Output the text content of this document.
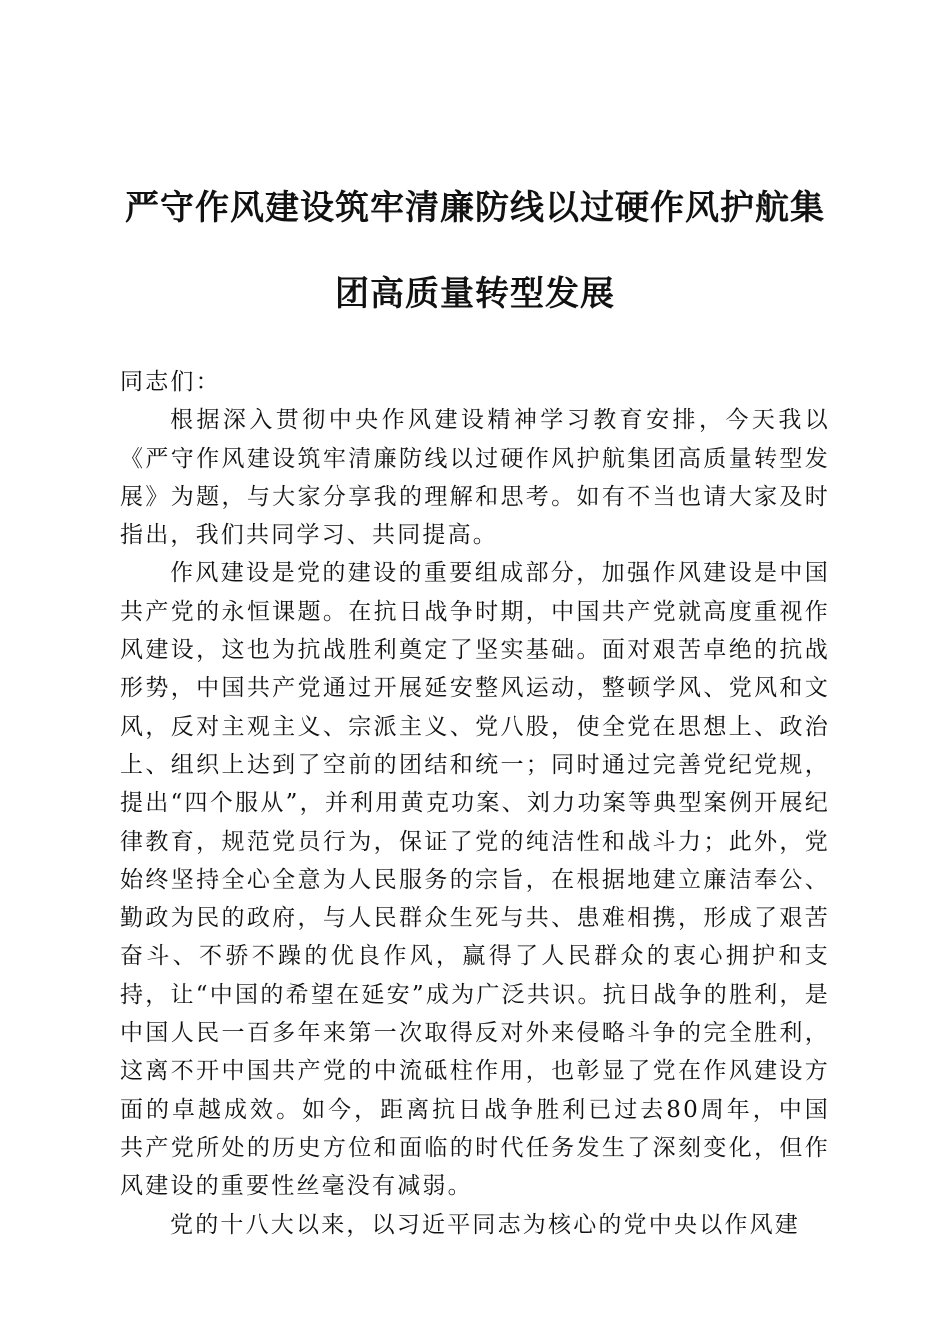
严守作风建设筑牢清廉防线以过硬作风护航集团高质量转型发展

同志们：

根据深入贯彻中央作风建设精神学习教育安排，今天我以《严守作风建设筑牢清廉防线以过硬作风护航集团高质量转型发展》为题，与大家分享我的理解和思考。如有不当也请大家及时指出，我们共同学习、共同提高。

作风建设是党的建设的重要组成部分，加强作风建设是中国共产党的永恒课题。在抗日战争时期，中国共产党就高度重视作风建设，这也为抗战胜利奠定了坚实基础。面对艰苦卓绝的抗战形势，中国共产党通过开展延安整风运动，整顿学风、党风和文风，反对主观主义、宗派主义、党八股，使全党在思想上、政治上、组织上达到了空前的团结和统一；同时通过完善党纪党规，提出“四个服从”，并利用黄克功案、刘力功案等典型案例开展纪律教育，规范党员行为，保证了党的纯洁性和战斗力；此外，党始终坚持全心全意为人民服务的宗旨，在根据地建立廉洁奉公、勤政为民的政府，与人民群众生死与共、患难相携，形成了艰苦奋斗、不骄不躁的优良作风，赢得了人民群众的衷心拥护和支持，让“中国的希望在延安”成为广泛共识。抗日战争的胜利，是中国人民一百多年来第一次取得反对外来侵略斗争的完全胜利，这离不开中国共产党的中流砥柱作用，也彰显了党在作风建设方面的卓越成效。如今，距离抗日战争胜利已过去80周年，中国共产党所处的历史方位和面临的时代任务发生了深刻变化，但作风建设的重要性丝毫没有减弱。

党的十八大以来，以习近平同志为核心的党中央以作风建
